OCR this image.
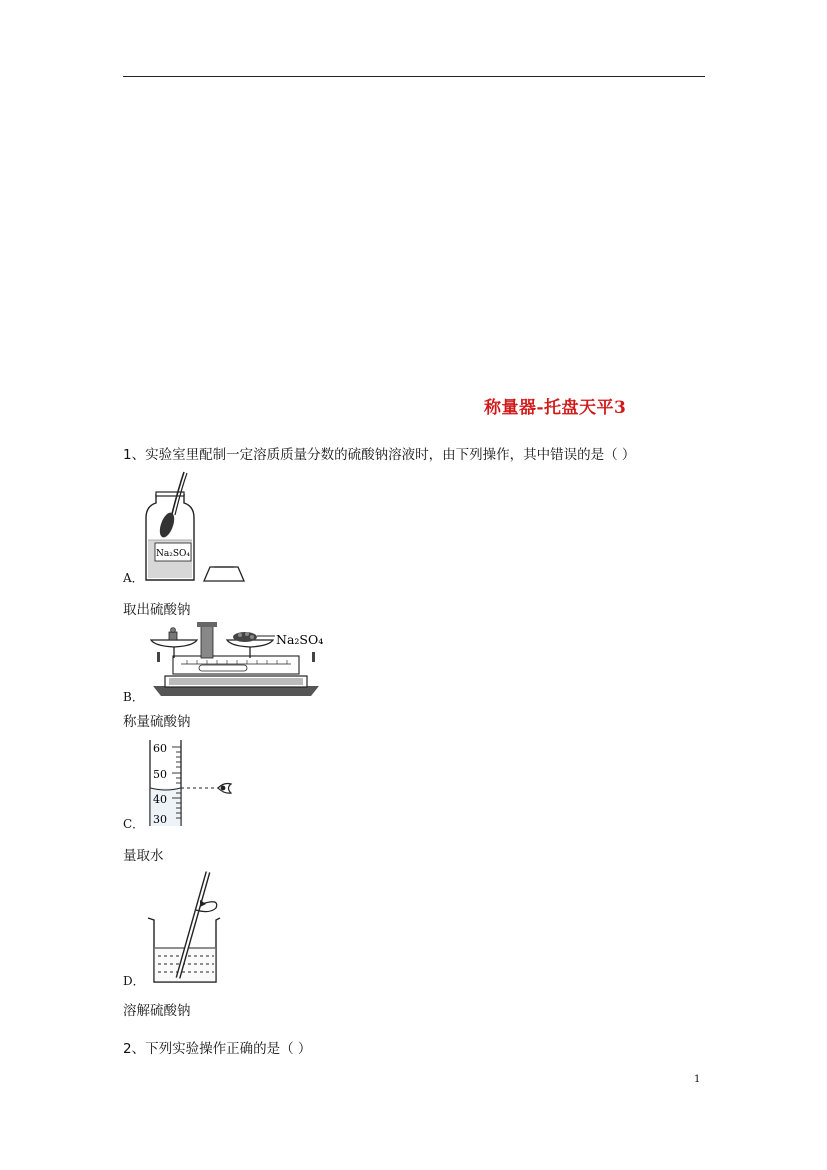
称量器-托盘天平3
1、实验室里配制一定溶质质量分数的硫酸钠溶液时，由下列操作，其中错误的是（ ）
Na₂SO₄
A．
取出硫酸钠
Na₂SO₄
B．
称量硫酸钠
60
50
40
30
C．
量取水
D．
溶解硫酸钠
2、下列实验操作正确的是（ ）
1
